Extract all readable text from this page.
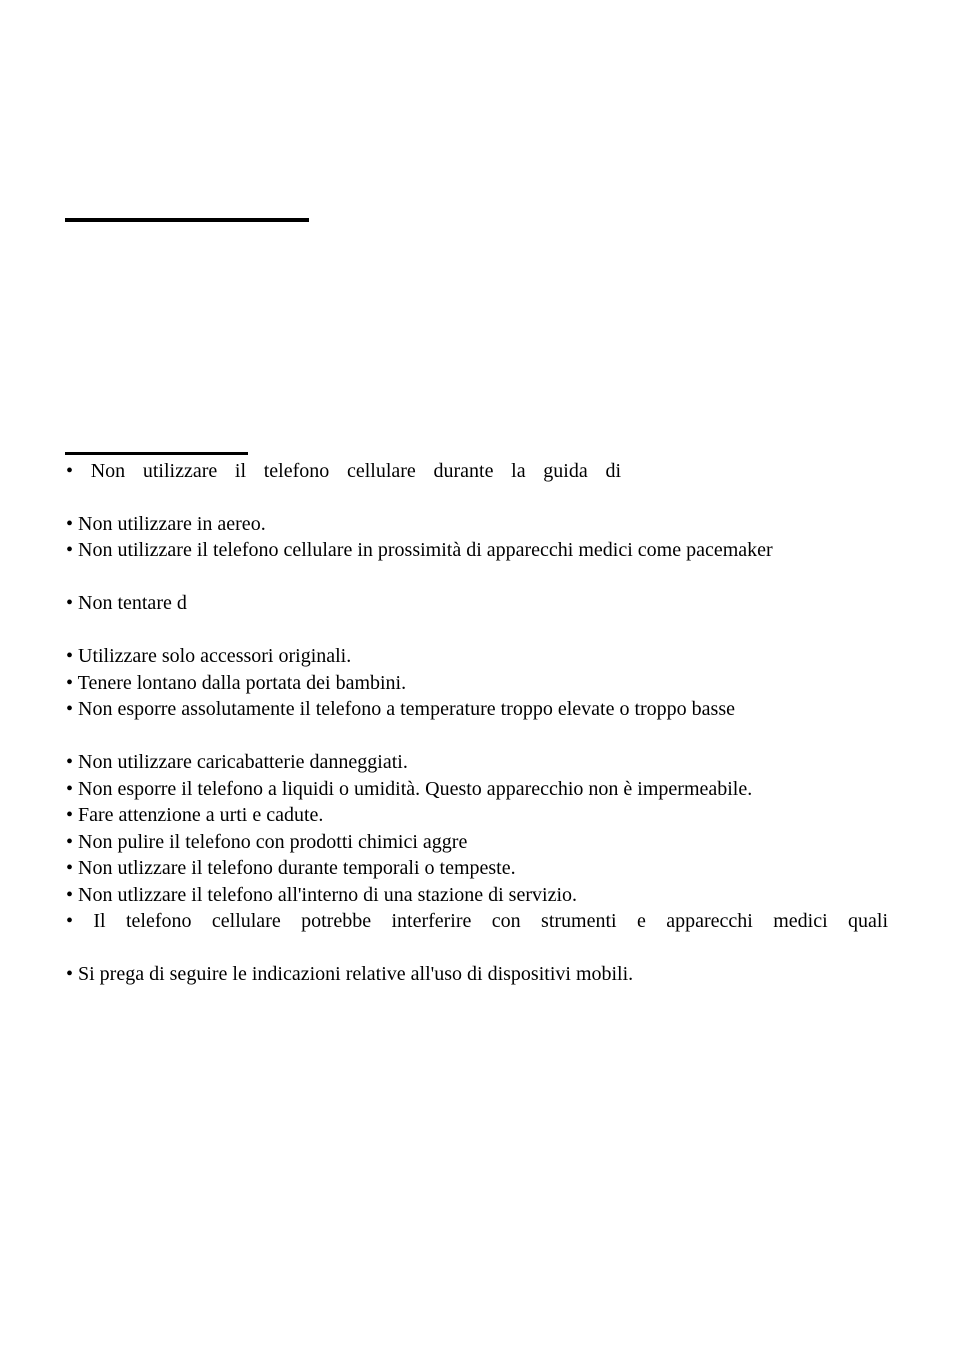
• Non utilizzare il telefono cellulare durante la guida di
• Non utilizzare in aereo.
• Non utilizzare il telefono cellulare in prossimità di apparecchi medici come pacemaker
• Non tentare d
• Utilizzare solo accessori originali.
• Tenere lontano dalla portata dei bambini.
• Non esporre assolutamente il telefono a temperature troppo elevate o troppo basse
• Non utilizzare caricabatterie danneggiati.
• Non esporre il telefono a liquidi o umidità. Questo apparecchio non è impermeabile.
• Fare attenzione a urti e cadute.
• Non pulire il telefono con prodotti chimici aggre
• Non utlizzare il telefono durante temporali o tempeste.
• Non utlizzare il telefono all'interno di una stazione di servizio.
• Il telefono cellulare potrebbe interferire con strumenti e apparecchi medici quali
• Si prega di seguire le indicazioni relative all'uso di dispositivi mobili.
